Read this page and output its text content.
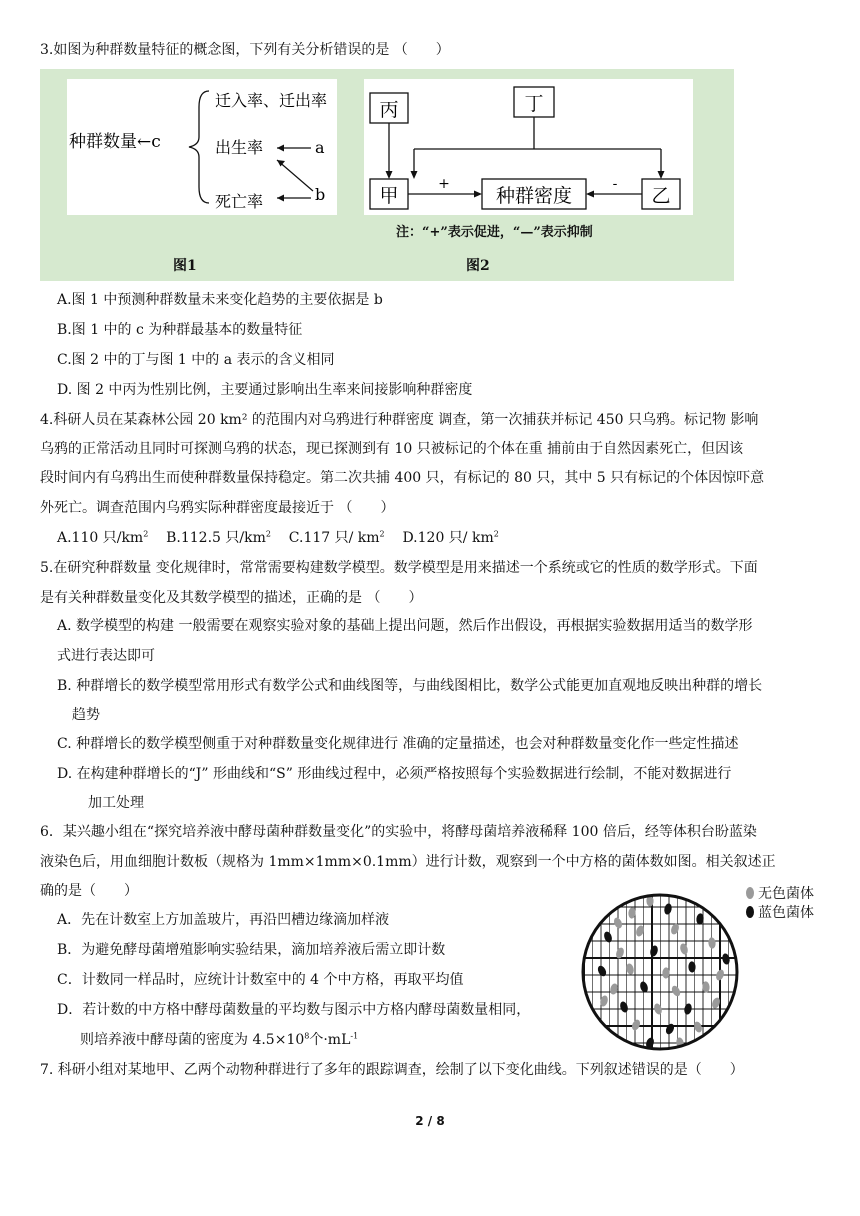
3.如图为种群数量特征的概念图，下列有关分析错误的是 （　　）
种群数量←c
迁入率、迁出率
出生率
死亡率
a
b
丙	丁
甲	种群密度	乙
+	-
注：“+”表示促进，“—”表示抑制
图1	图2
A.图 1 中预测种群数量未来变化趋势的主要依据是 b
B.图 1 中的 c 为种群最基本的数量特征
C.图 2 中的丁与图 1 中的 a 表示的含义相同
D. 图 2 中丙为性别比例，主要通过影响出生率来间接影响种群密度
4.科研人员在某森林公园 20 km² 的范围内对乌鸦进行种群密度 调查，第一次捕获并标记 450 只乌鸦。标记物 影响
乌鸦的正常活动且同时可探测乌鸦的状态，现已探测到有 10 只被标记的个体在重 捕前由于自然因素死亡，但因该
段时间内有乌鸦出生而使种群数量保持稳定。第二次共捕 400 只，有标记的 80 只，其中 5 只有标记的个体因惊吓意
外死亡。调查范围内乌鸦实际种群密度最接近于 （　　）
A.110 只$/km^2$ B.112.5 只$/km^2$ C.117 只/ $km^2$ D.120 只/ $km^2$
5.在研究种群数量 变化规律时，常常需要构建数学模型。数学模型是用来描述一个系统或它的性质的数学形式。下面
是有关种群数量变化及其数学模型的描述，正确的是 （　　）
A. 数学模型的构建 一般需要在观察实验对象的基础上提出问题，然后作出假设，再根据实验数据用适当的数学形
式进行表达即可
B. 种群增长的数学模型常用形式有数学公式和曲线图等，与曲线图相比，数学公式能更加直观地反映出种群的增长
趋势
C. 种群增长的数学模型侧重于对种群数量变化规律进行 准确的定量描述，也会对种群数量变化作一些定性描述
D. 在构建种群增长的“J” 形曲线和“S” 形曲线过程中，必须严格按照每个实验数据进行绘制，不能对数据进行
加工处理
6．某兴趣小组在“探究培养液中酵母菌种群数量变化”的实验中，将酵母菌培养液稀释 100 倍后，经等体积台盼蓝染
液染色后，用血细胞计数板（规格为 1mm×1mm×0.1mm）进行计数，观察到一个中方格的菌体数如图。相关叙述正
确的是（　　）	无色菌体
蓝色菌体
A．先在计数室上方加盖玻片，再沿凹槽边缘滴加样液
B．为避免酵母菌增殖影响实验结果，滴加培养液后需立即计数
C．计数同一样品时，应统计计数室中的 4 个中方格，再取平均值
D．若计数的中方格中酵母菌数量的平均数与图示中方格内酵母菌数量相同，
则培养液中酵母菌的密度为 $4.5\times 10^8$个$\cdot mL^{-1}$
7. 科研小组对某地甲、乙两个动物种群进行了多年的跟踪调查，绘制了以下变化曲线。下列叙述错误的是（　　）
2 / 8
